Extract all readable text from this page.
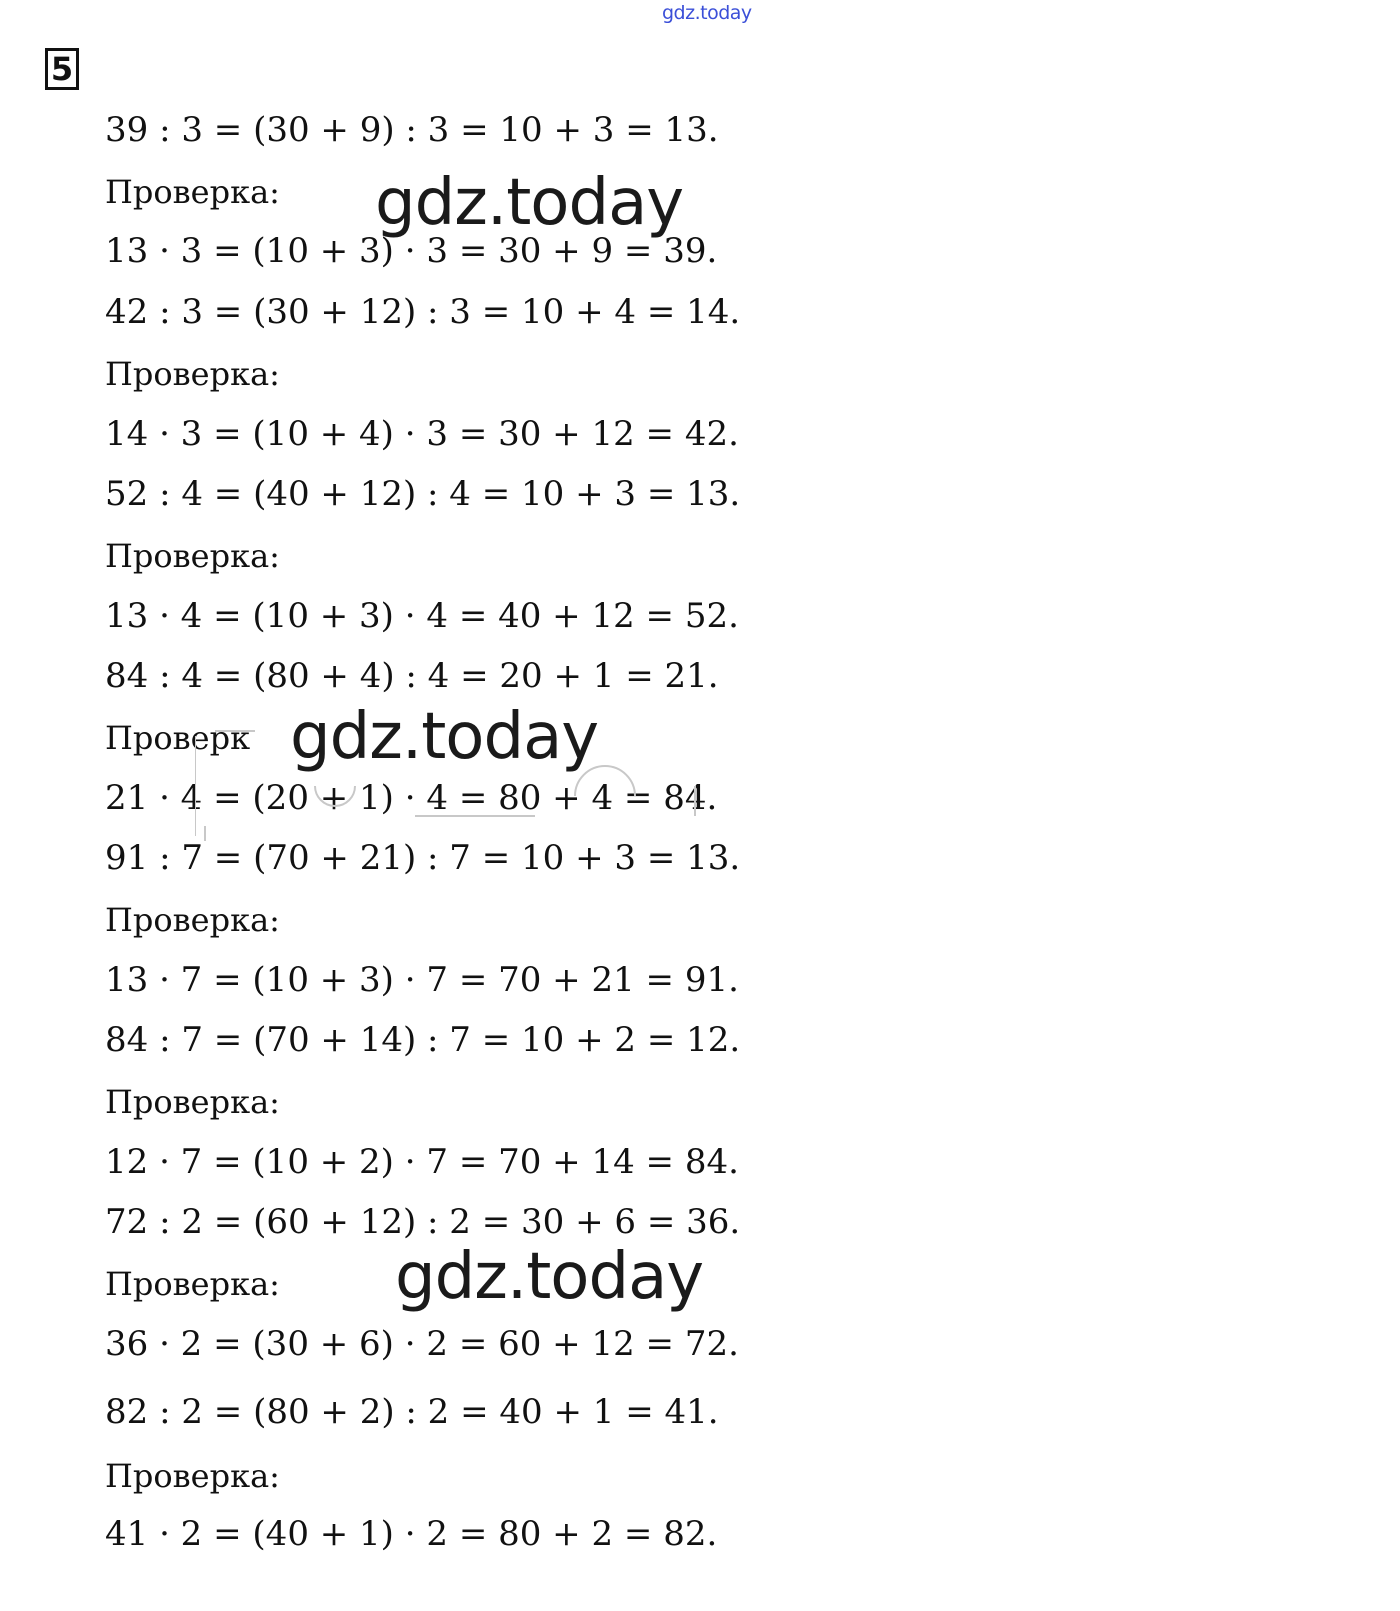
gdz.today
5
39 : 3 = (30 + 9) : 3 = 10 + 3 = 13.
Проверка:
13 · 3 = (10 + 3) · 3 = 30 + 9 = 39.
42 : 3 = (30 + 12) : 3 = 10 + 4 = 14.
Проверка:
14 · 3 = (10 + 4) · 3 = 30 + 12 = 42.
52 : 4 = (40 + 12) : 4 = 10 + 3 = 13.
Проверка:
13 · 4 = (10 + 3) · 4 = 40 + 12 = 52.
84 : 4 = (80 + 4) : 4 = 20 + 1 = 21.
Проверк
21 · 4 = (20 + 1) · 4 = 80 + 4 = 84.
91 : 7 = (70 + 21) : 7 = 10 + 3 = 13.
Проверка:
13 · 7 = (10 + 3) · 7 = 70 + 21 = 91.
84 : 7 = (70 + 14) : 7 = 10 + 2 = 12.
Проверка:
12 · 7 = (10 + 2) · 7 = 70 + 14 = 84.
72 : 2 = (60 + 12) : 2 = 30 + 6 = 36.
Проверка:
36 · 2 = (30 + 6) · 2 = 60 + 12 = 72.
82 : 2 = (80 + 2) : 2 = 40 + 1 = 41.
Проверка:
41 · 2 = (40 + 1) · 2 = 80 + 2 = 82.
gdz.today
gdz.today
gdz.today
